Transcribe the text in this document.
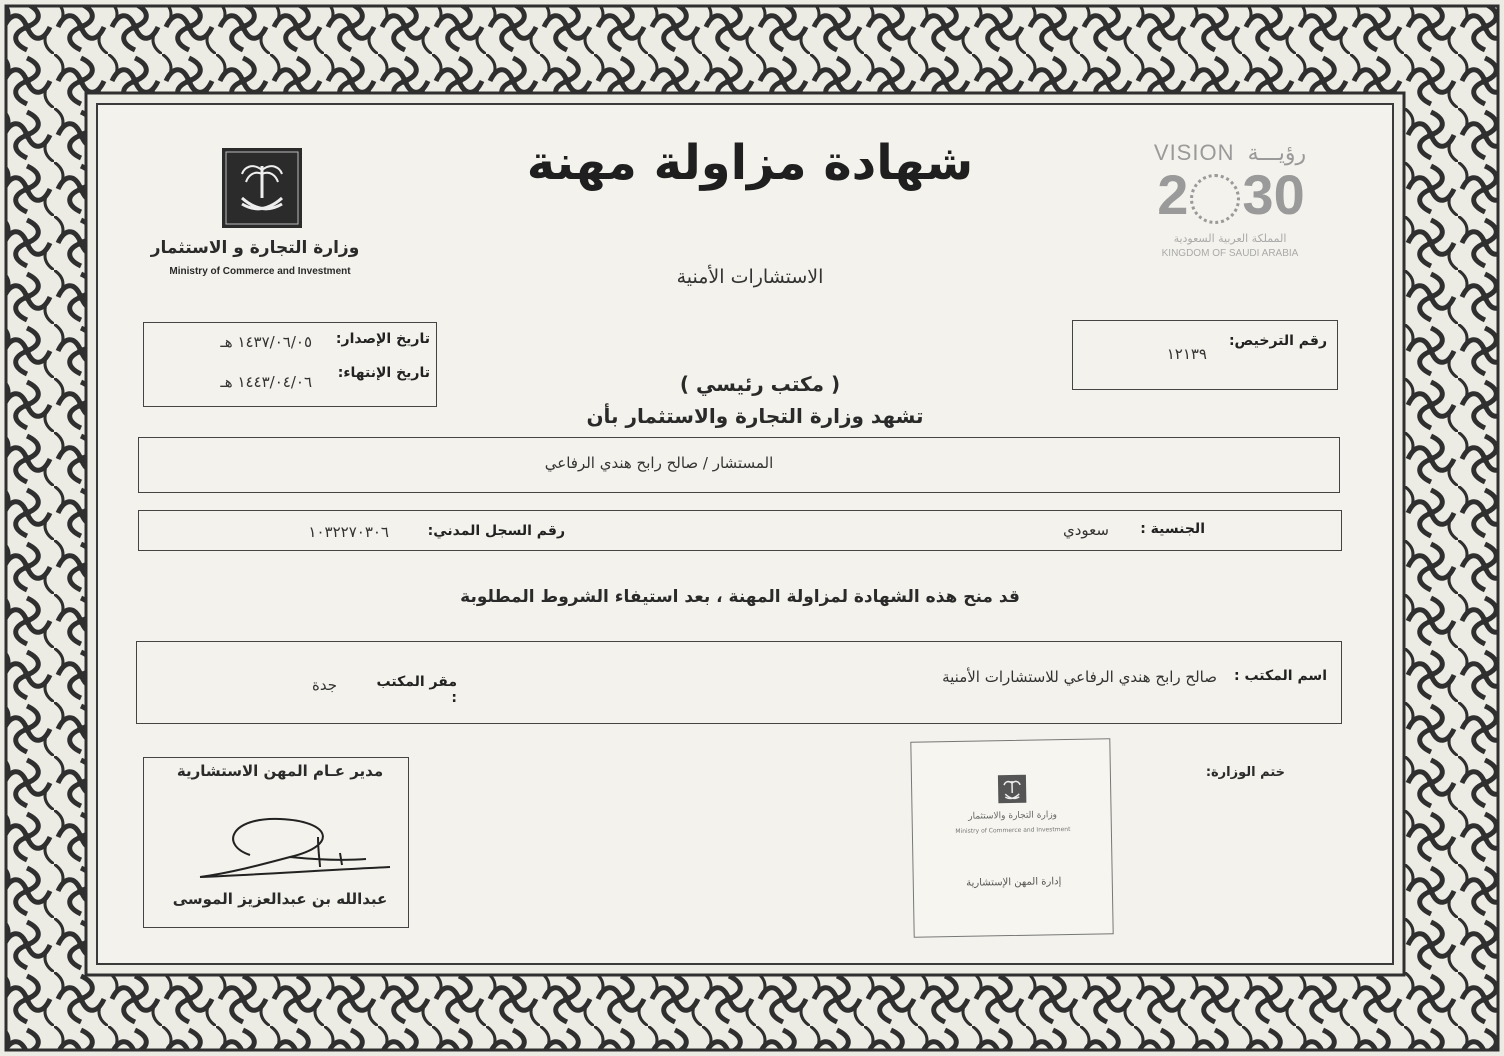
وزارة التجارة و الاستثمار
Ministry of Commerce and Investment
شهادة مزاولة مهنة
الاستشارات الأمنية
VISION رؤيـــة
2 30
المملكة العربية السعودية
KINGDOM OF SAUDI ARABIA
تاريخ الإصدار:
١٤٣٧/٠٦/٠٥ هـ
تاريخ الإنتهاء:
١٤٤٣/٠٤/٠٦ هـ
رقم الترخيص:
١٢١٣٩
( مكتب رئيسي )
تشهد وزارة التجارة والاستثمار بأن
المستشار / صالح رابح هندي الرفاعي
الجنسية :
سعودي
رقم السجل المدني:
١٠٣٢٢٧٠٣٠٦
قد منح هذه الشهادة لمزاولة المهنة ، بعد استيفاء الشروط المطلوبة
اسم المكتب :
صالح رابح هندي الرفاعي للاستشارات الأمنية
مقر المكتب :
جدة
مدير عـام المهن الاستشارية
عبدالله بن عبدالعزيز الموسى
ختم الوزارة:
وزارة التجارة والاستثمار
Ministry of Commerce and Investment
إدارة المهن الإستشارية
